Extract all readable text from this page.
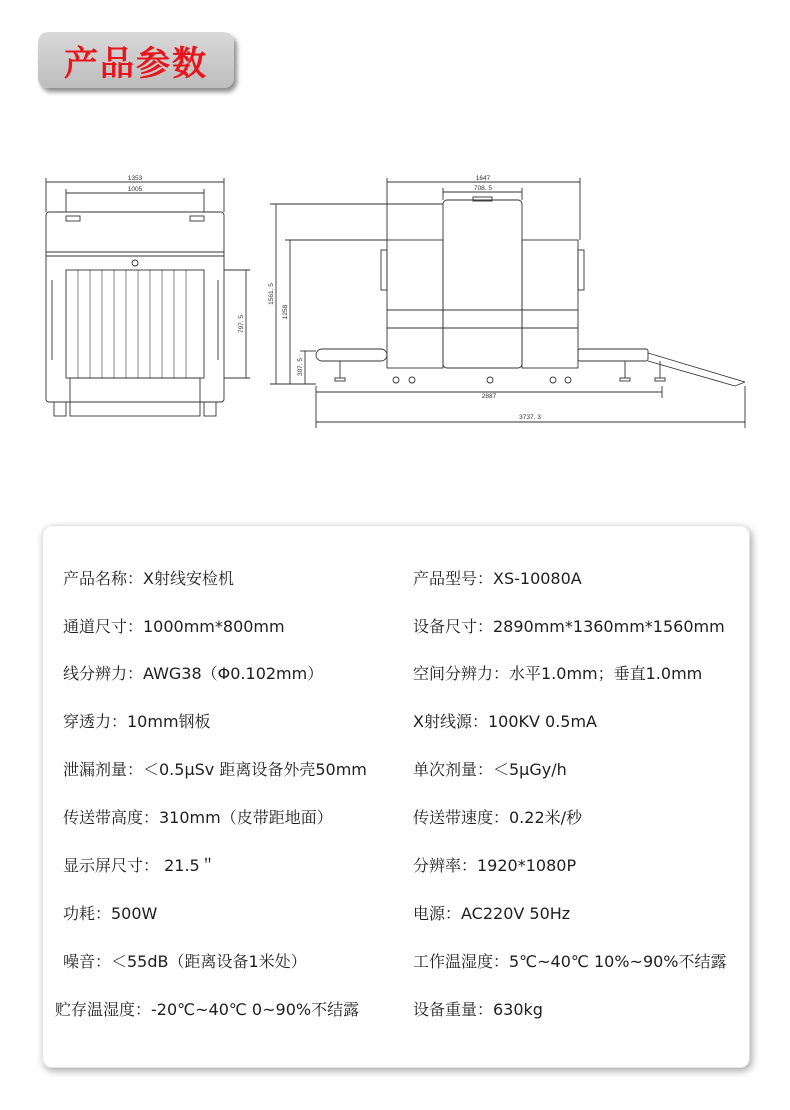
产品参数
1353
1005
797. 5
1647
708. 5
1561. 5
1258
307. 5
2887
3737. 3
产品名称：X射线安检机
通道尺寸：1000mm*800mm
线分辨力：AWG38（Φ0.102mm）
穿透力：10mm钢板
泄漏剂量：＜0.5μSv 距离设备外壳50mm
传送带高度：310mm（皮带距地面）
显示屏尺寸： 21.5＂
功耗：500W
噪音：＜55dB（距离设备1米处）
贮存温湿度：-20℃~40℃ 0~90%不结露
产品型号：XS-10080A
设备尺寸：2890mm*1360mm*1560mm
空间分辨力：水平1.0mm；垂直1.0mm
X射线源：100KV 0.5mA
单次剂量：＜5μGy/h
传送带速度：0.22米/秒
分辨率：1920*1080P
电源：AC220V 50Hz
工作温湿度：5℃~40℃ 10%~90%不结露
设备重量：630kg
